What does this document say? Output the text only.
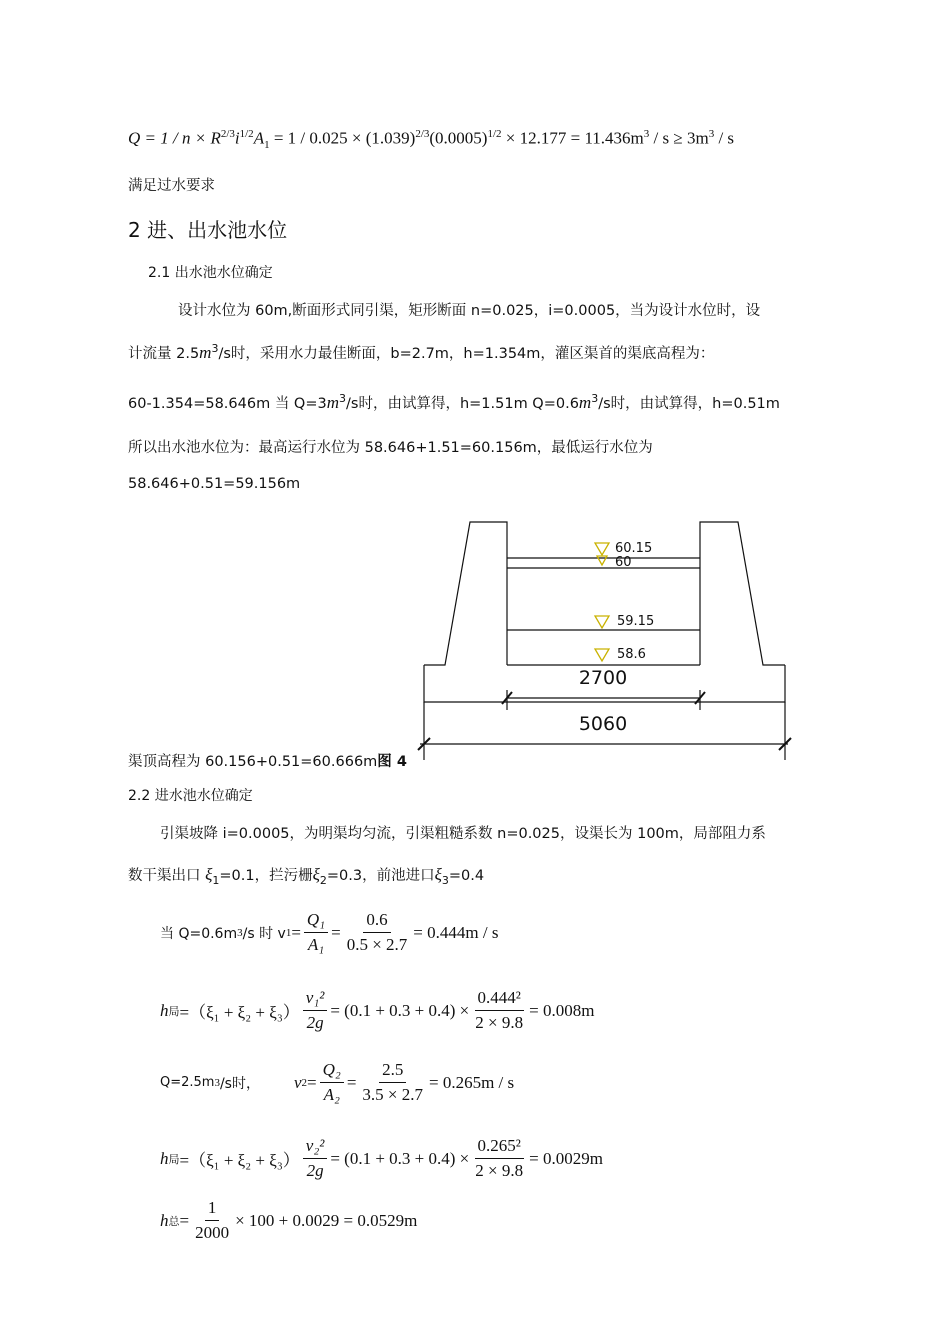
$Q = 1 / n \times R^{2/3}i^{1/2}A_1 = 1 / 0.025 \times (1.039)^{2/3}(0.0005)^{1/2} \times 12.177 = 11.436m^3 / s \ge 3m^3 / s$
满足过水要求
2 进、出水池水位
2.1 出水池水位确定
设计水位为 60m,断面形式同引渠，矩形断面 n=0.025，i=0.0005，当为设计水位时，设
计流量 $2.5m^3/s$时，采用水力最佳断面，b=2.7m，h=1.354m，灌区渠首的渠底高程为：
60-1.354=58.646m 当 $Q=3m^3/s$时，由试算得，h=1.51m $Q=0.6m^3/s$时，由试算得，h=0.51m
所以出水池水位为：最高运行水位为 58.646+1.51=60.156m，最低运行水位为
58.646+0.51=59.156m
60.15
60
59.15
58.6
2700
5060
渠顶高程为 60.156+0.51=60.666m图 4
2.2 进水池水位确定
引渠坡降 i=0.0005，为明渠均匀流，引渠粗糙系数 n=0.025，设渠长为 100m，局部阻力系
数干渠出口 $\xi_1=0.1$，拦污栅$\xi_2=0.3$，前池进口$\xi_3=0.4$
当 Q=0.6m 3 /s 时 v $1 = \frac{\text{Q₁}}{\text{A₁}} = \frac{0.6}{0.5 \times 2.7} = 0.444m / s$
h 局 $=(\xi_1 + \xi_2 + \xi_3) \frac{\text{v₁²}}{2g} = (0.1 + 0.3 + 0.4) \times \frac{\text{0.444²}}{2 \times 9.8} = 0.008m$
Q=2.5m 3 /s时， v $2 = \frac{\text{Q₂}}{\text{A₂}} = \frac{2.5}{3.5 \times 2.7} = 0.265m / s$
h 局 $=(\xi_1 + \xi_2 + \xi_3) \frac{\text{v₂²}}{2g} = (0.1 + 0.3 + 0.4) \times \frac{\text{0.265²}}{2 \times 9.8} = 0.0029m$
h 总 = $\frac{1}{2000} \times 100 + 0.0029 = 0.0529m$
